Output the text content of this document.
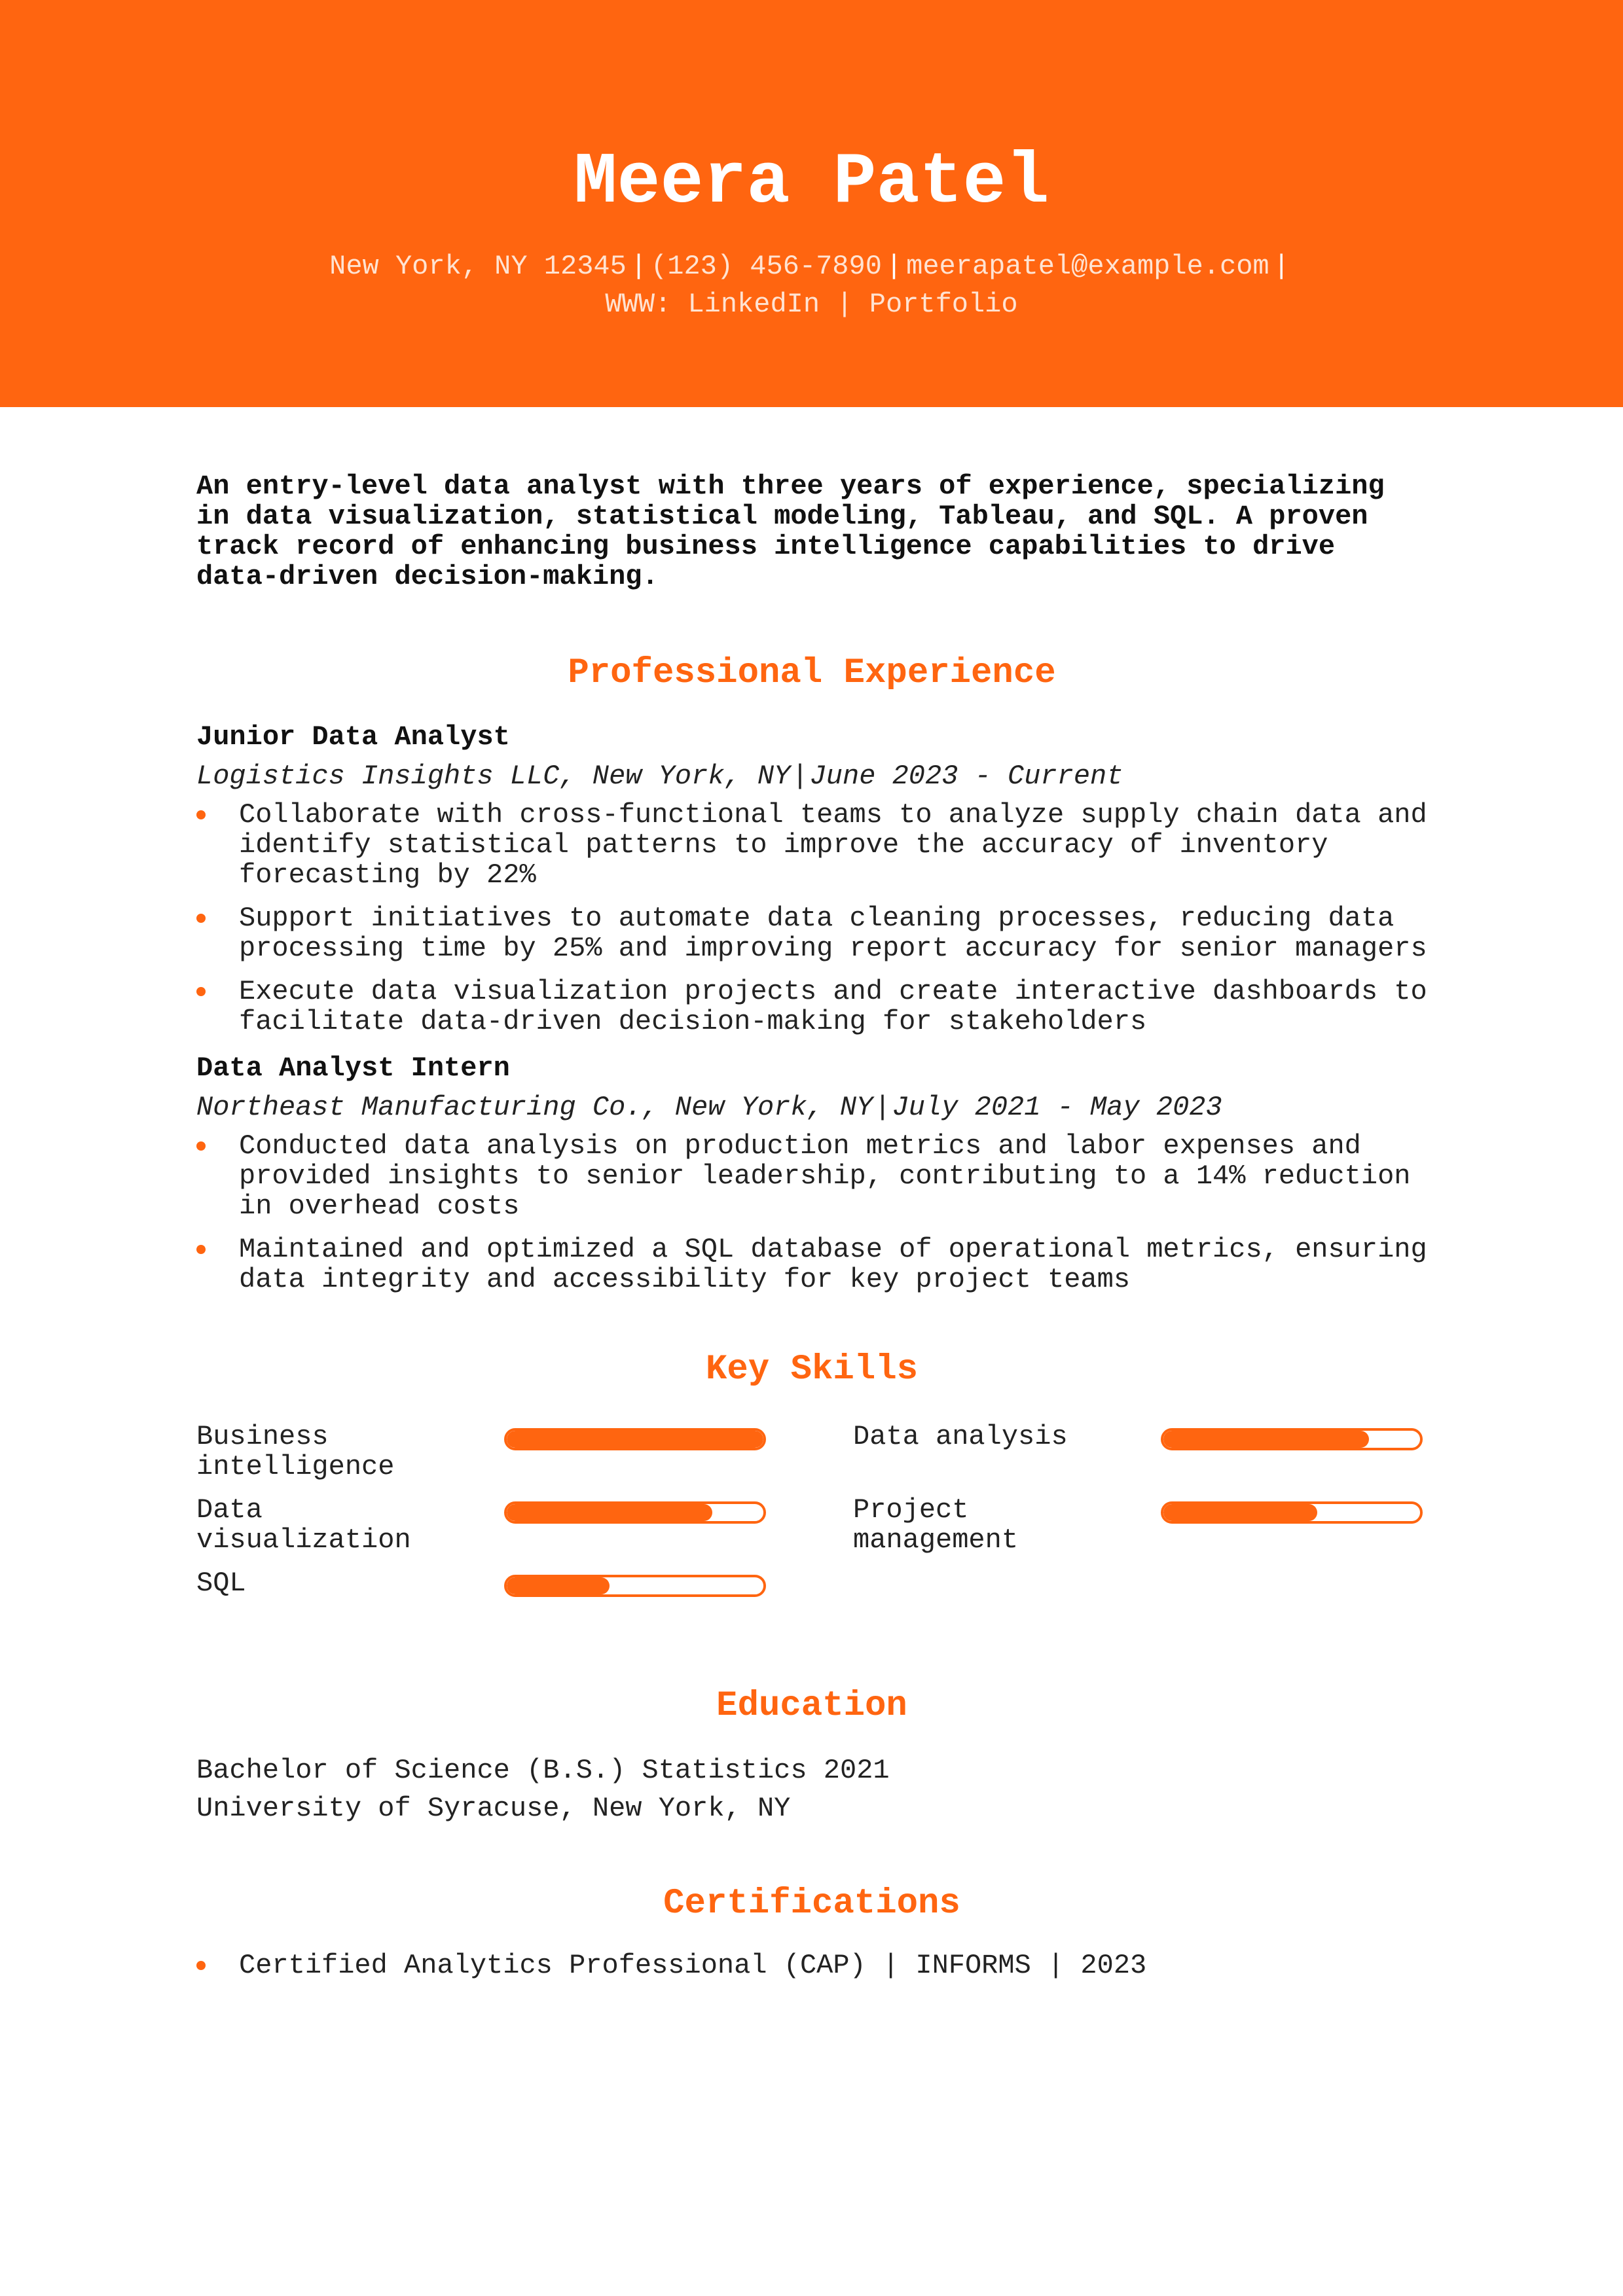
Meera Patel
New York, NY 12345 | (123) 456-7890 | meerapatel@example.com |
WWW: LinkedIn | Portfolio

An entry-level data analyst with three years of experience, specializing in data visualization, statistical modeling, Tableau, and SQL. A proven track record of enhancing business intelligence capabilities to drive data-driven decision-making.

Professional Experience
Junior Data Analyst
Logistics Insights LLC, New York, NY|June 2023 - Current
Collaborate with cross-functional teams to analyze supply chain data and identify statistical patterns to improve the accuracy of inventory forecasting by 22%
Support initiatives to automate data cleaning processes, reducing data processing time by 25% and improving report accuracy for senior managers
Execute data visualization projects and create interactive dashboards to facilitate data-driven decision-making for stakeholders
Data Analyst Intern
Northeast Manufacturing Co., New York, NY|July 2021 - May 2023
Conducted data analysis on production metrics and labor expenses and provided insights to senior leadership, contributing to a 14% reduction in overhead costs
Maintained and optimized a SQL database of operational metrics, ensuring data integrity and accessibility for key project teams
Key Skills
Business intelligence
Data analysis
Data visualization
Project management
SQL
Education
Bachelor of Science (B.S.) Statistics 2021
University of Syracuse, New York, NY
Certifications
Certified Analytics Professional (CAP) | INFORMS | 2023
